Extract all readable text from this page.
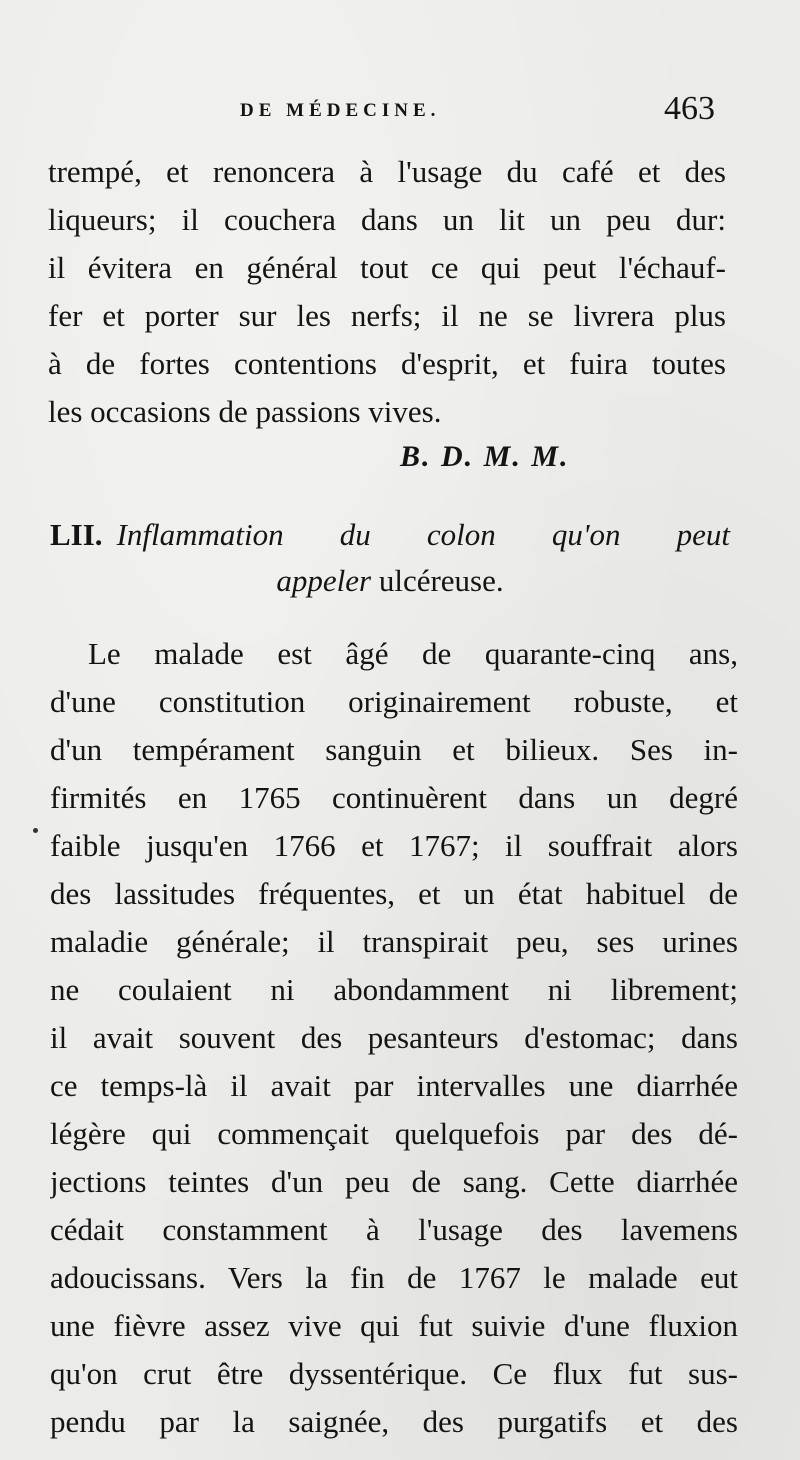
DE MÉDECINE.	463
trempé, et renoncera à l'usage du café et des
liqueurs; il couchera dans un lit un peu dur:
il évitera en général tout ce qui peut l'échauf-
fer et porter sur les nerfs; il ne se livrera plus
à de fortes contentions d'esprit, et fuira toutes
les occasions de passions vives.
B. D. M. M.
LII. Inflammation du colon qu'on peut
appeler ulcéreuse.
Le malade est âgé de quarante-cinq ans,
d'une constitution originairement robuste, et
d'un tempérament sanguin et bilieux. Ses in-
firmités en 1765 continuèrent dans un degré
faible jusqu'en 1766 et 1767; il souffrait alors
des lassitudes fréquentes, et un état habituel de
maladie générale; il transpirait peu, ses urines
ne coulaient ni abondamment ni librement;
il avait souvent des pesanteurs d'estomac; dans
ce temps-là il avait par intervalles une diarrhée
légère qui commençait quelquefois par des dé-
jections teintes d'un peu de sang. Cette diarrhée
cédait constamment à l'usage des lavemens
adoucissans. Vers la fin de 1767 le malade eut
une fièvre assez vive qui fut suivie d'une fluxion
qu'on crut être dyssentérique. Ce flux fut sus-
pendu par la saignée, des purgatifs et des
